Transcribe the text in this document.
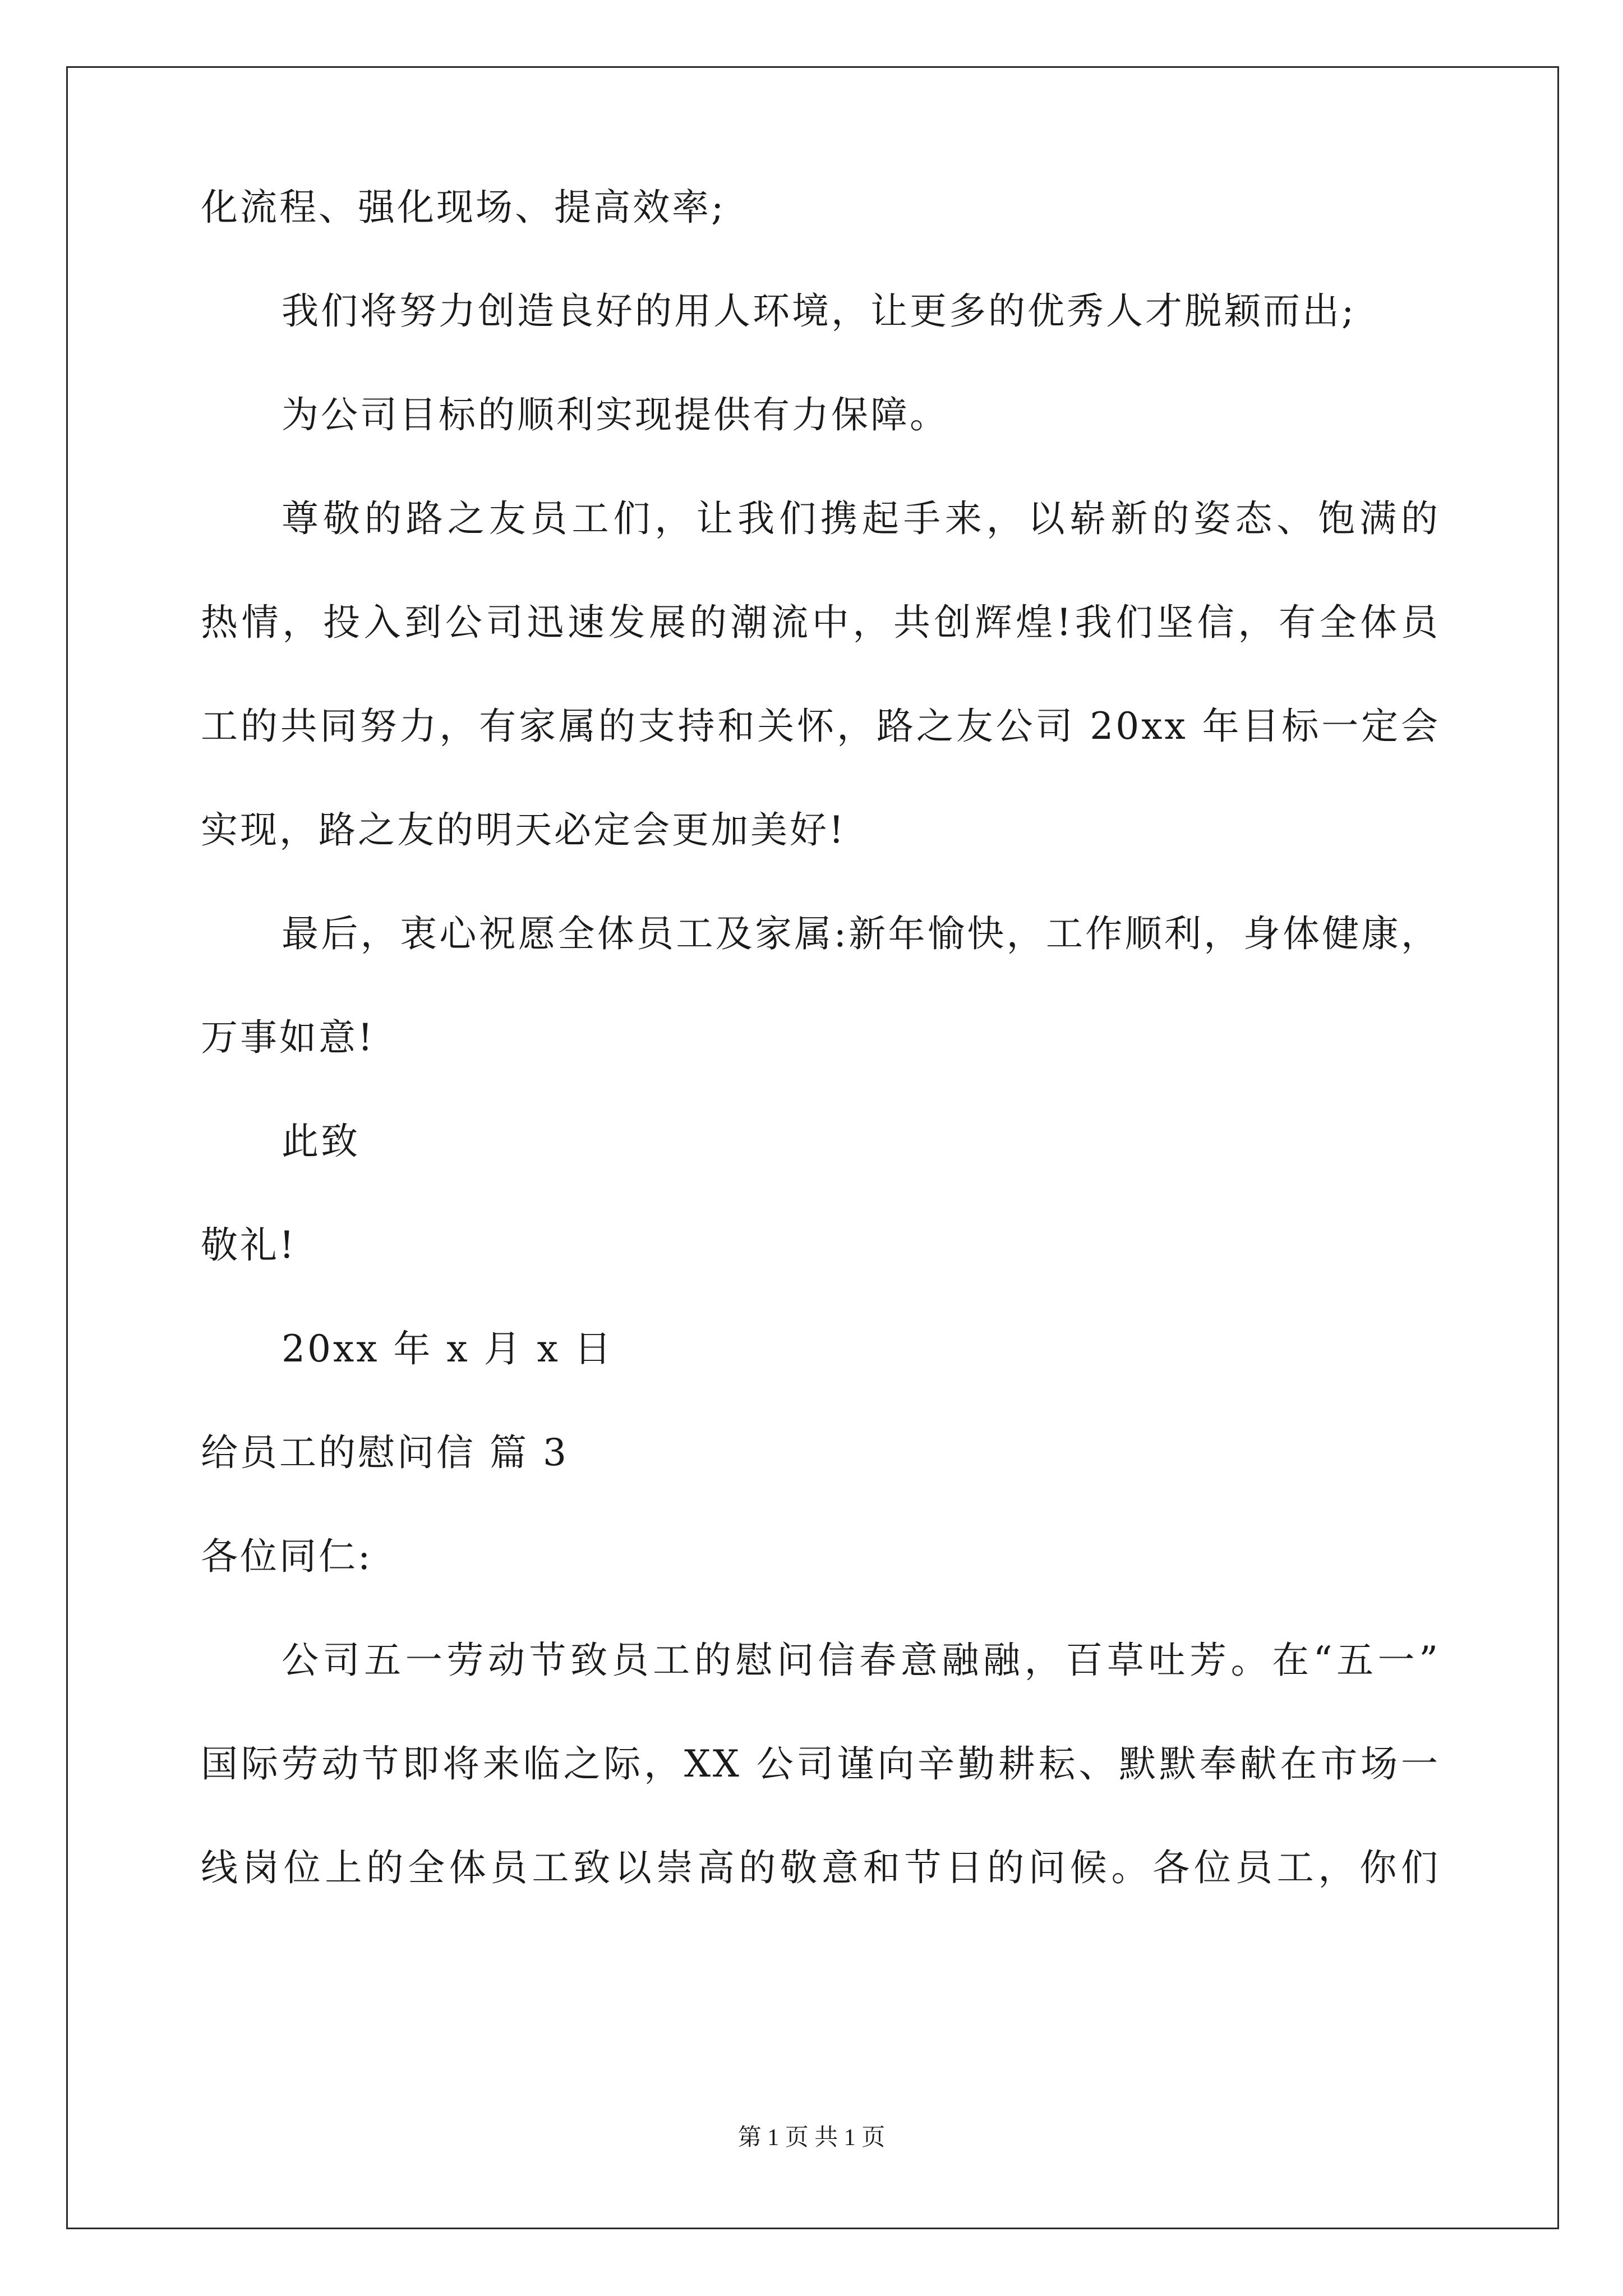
化流程、强化现场、提高效率;
我们将努力创造良好的用人环境，让更多的优秀人才脱颖而出;
为公司目标的顺利实现提供有力保障。
尊敬的路之友员工们，让我们携起手来，以崭新的姿态、饱满的
热情，投入到公司迅速发展的潮流中，共创辉煌!我们坚信，有全体员
工的共同努力，有家属的支持和关怀，路之友公司 20xx 年目标一定会
实现，路之友的明天必定会更加美好!
最后，衷心祝愿全体员工及家属:新年愉快，工作顺利，身体健康，
万事如意!
此致
敬礼!
20xx 年 x 月 x 日
给员工的慰问信 篇 3
各位同仁:
公司五一劳动节致员工的慰问信春意融融，百草吐芳。在“五一”
国际劳动节即将来临之际，XX 公司谨向辛勤耕耘、默默奉献在市场一
线岗位上的全体员工致以崇高的敬意和节日的问候。各位员工，你们
第 1 页 共 1 页
